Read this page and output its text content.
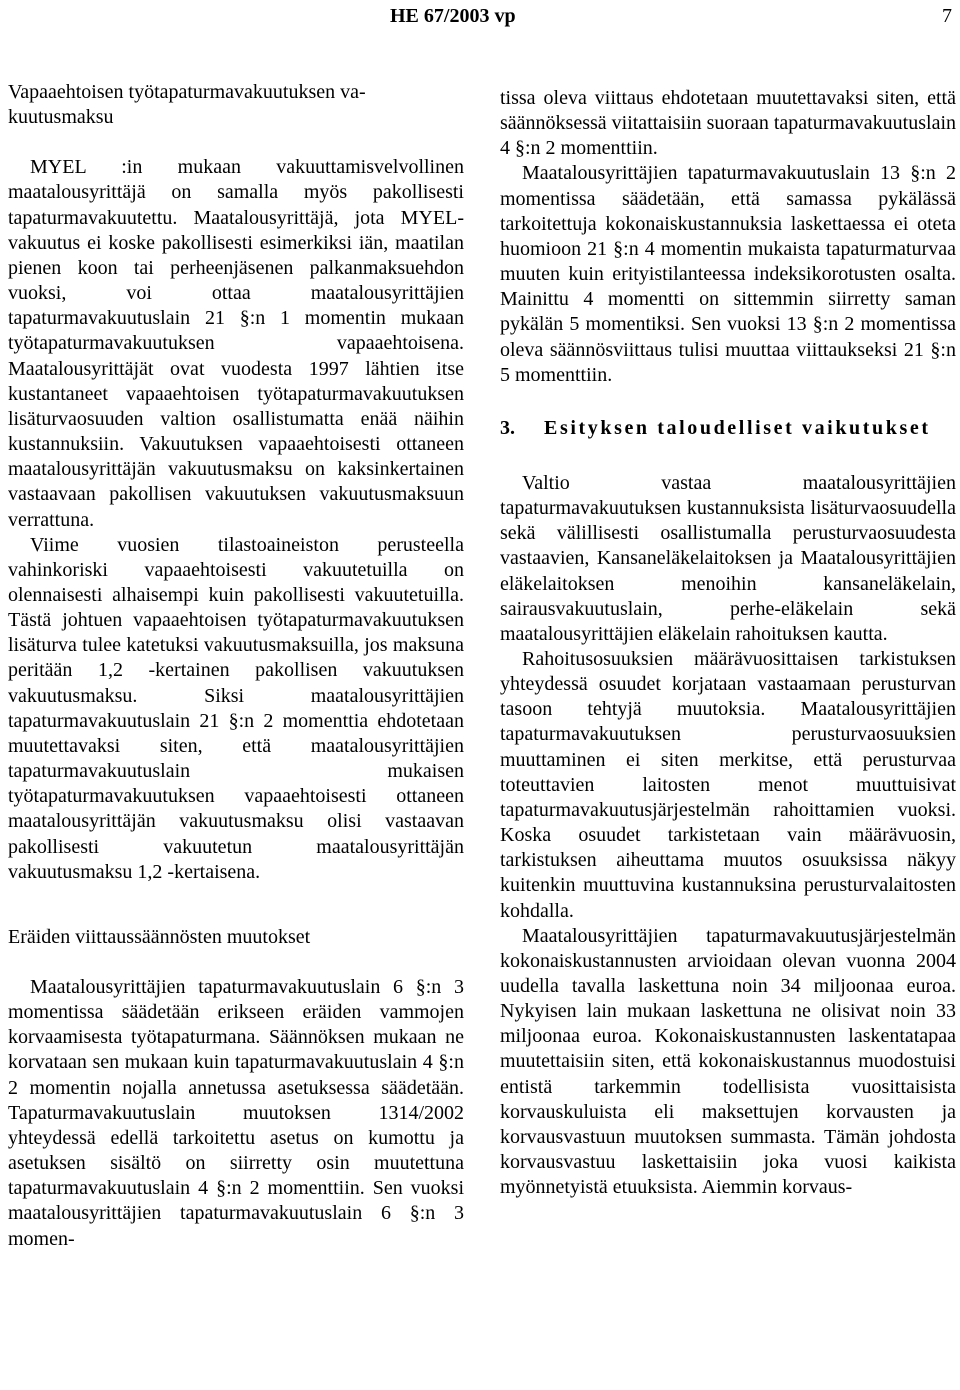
HE 67/2003 vp	7

Vapaaehtoisen työtapaturmavakuutuksen va-kuutusmaksu

MYEL :in mukaan vakuuttamisvelvollinen maatalousyrittäjä on samalla myös pakollisesti tapaturmavakuutettu. Maatalousyrittäjä, jota MYEL-vakuutus ei koske pakollisesti esimerkiksi iän, maatilan pienen koon tai perheenjäsenen palkanmaksuehdon vuoksi, voi ottaa maatalousyrittäjien tapaturmavakuutuslain 21 §:n 1 momentin mukaan työtapaturmavakuutuksen vapaaehtoisena. Maatalousyrittäjät ovat vuodesta 1997 lähtien itse kustantaneet vapaaehtoisen työtapaturmavakuutuksen lisäturvaosuuden valtion osallistumatta enää näihin kustannuksiin. Vakuutuksen vapaaehtoisesti ottaneen maatalousyrittäjän vakuutusmaksu on kaksinkertainen vastaavaan pakollisen vakuutuksen vakuutusmaksuun verrattuna.

Viime vuosien tilastoaineiston perusteella vahinkoriski vapaaehtoisesti vakuutetuilla on olennaisesti alhaisempi kuin pakollisesti vakuutetuilla. Tästä johtuen vapaaehtoisen työtapaturmavakuutuksen lisäturva tulee katetuksi vakuutusmaksuilla, jos maksuna peritään 1,2 -kertainen pakollisen vakuutuksen vakuutusmaksu. Siksi maatalousyrittäjien tapaturmavakuutuslain 21 §:n 2 momenttia ehdotetaan muutettavaksi siten, että maatalousyrittäjien tapaturmavakuutuslain mukaisen työtapaturmavakuutuksen vapaaehtoisesti ottaneen maatalousyrittäjän vakuutusmaksu olisi vastaavan pakollisesti vakuutetun maatalousyrittäjän vakuutusmaksu 1,2 -kertaisena.

Eräiden viittaussäännösten muutokset

Maatalousyrittäjien tapaturmavakuutuslain 6 §:n 3 momentissa säädetään erikseen eräiden vammojen korvaamisesta työtapaturmana. Säännöksen mukaan ne korvataan sen mukaan kuin tapaturmavakuutuslain 4 §:n 2 momentin nojalla annetussa asetuksessa säädetään. Tapaturmavakuutuslain muutoksen 1314/2002 yhteydessä edellä tarkoitettu asetus on kumottu ja asetuksen sisältö on siirretty osin muutettuna tapaturmavakuutuslain 4 §:n 2 momenttiin. Sen vuoksi maatalousyrittäjien tapaturmavakuutuslain 6 §:n 3 momen-

tissa oleva viittaus ehdotetaan muutettavaksi siten, että säännöksessä viitattaisiin suoraan tapaturmavakuutuslain 4 §:n 2 momenttiin.

Maatalousyrittäjien tapaturmavakuutuslain 13 §:n 2 momentissa säädetään, että samassa pykälässä tarkoitettuja kokonaiskustannuksia laskettaessa ei oteta huomioon 21 §:n 4 momentin mukaista tapaturmaturvaa muuten kuin erityistilanteessa indeksikorotusten osalta. Mainittu 4 momentti on sittemmin siirretty saman pykälän 5 momentiksi. Sen vuoksi 13 §:n 2 momentissa oleva säännösviittaus tulisi muuttaa viittaukseksi 21 §:n 5 momenttiin.

3.	Esityksen taloudelliset vaikutukset

Valtio vastaa maatalousyrittäjien tapaturmavakuutuksen kustannuksista lisäturvaosuudella sekä välillisesti osallistumalla perusturvaosuudesta vastaavien, Kansaneläkelaitoksen ja Maatalousyrittäjien eläkelaitoksen menoihin kansaneläkelain, sairausvakuutuslain, perhe-eläkelain sekä maatalousyrittäjien eläkelain rahoituksen kautta.

Rahoitusosuuksien määrävuosittaisen tarkistuksen yhteydessä osuudet korjataan vastaamaan perusturvan tasoon tehtyjä muutoksia. Maatalousyrittäjien tapaturmavakuutuksen perusturvaosuuksien muuttaminen ei siten merkitse, että perusturvaa toteuttavien laitosten menot muuttuisivat tapaturmavakuutusjärjestelmän rahoittamien vuoksi. Koska osuudet tarkistetaan vain määrävuosin, tarkistuksen aiheuttama muutos osuuksissa näkyy kuitenkin muuttuvina kustannuksina perusturvalaitosten kohdalla.

Maatalousyrittäjien tapaturmavakuutusjärjestelmän kokonaiskustannusten arvioidaan olevan vuonna 2004 uudella tavalla laskettuna noin 34 miljoonaa euroa. Nykyisen lain mukaan laskettuna ne olisivat noin 33 miljoonaa euroa. Kokonaiskustannusten laskentatapaa muutettaisiin siten, että kokonaiskustannus muodostuisi entistä tarkemmin todellisista vuosittaisista korvauskuluista eli maksettujen korvausten ja korvausvastuun muutoksen summasta. Tämän johdosta korvausvastuu laskettaisiin joka vuosi kaikista myönnetyistä etuuksista. Aiemmin korvaus-
